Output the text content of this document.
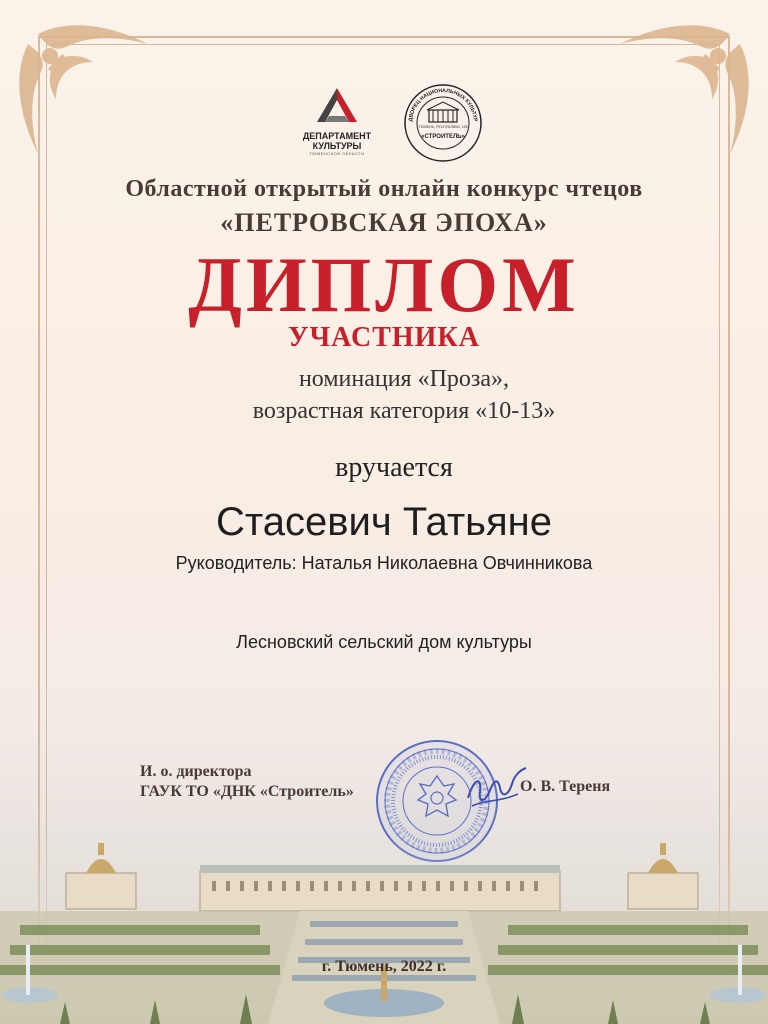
ДЕПАРТАМЕНТ
КУЛЬТУРЫ
ТЮМЕНСКОЙ ОБЛАСТИ
ТЮМЕНЬ, РЕСПУБЛИКИ, 155
«СТРОИТЕЛЬ»
ДВОРЕЦ НАЦИОНАЛЬНЫХ КУЛЬТУР
Областной открытый онлайн конкурс чтецов
«ПЕТРОВСКАЯ ЭПОХА»
ДИПЛОМ
УЧАСТНИКА
номинация «Проза»,
возрастная категория «10-13»
вручается
Стасевич Татьяне
Руководитель: Наталья Николаевна Овчинникова
Лесновский сельский дом культуры
И. о. директора
ГАУК ТО «ДНК «Строитель»	О. В. Тереня
г. Тюмень, 2022 г.
